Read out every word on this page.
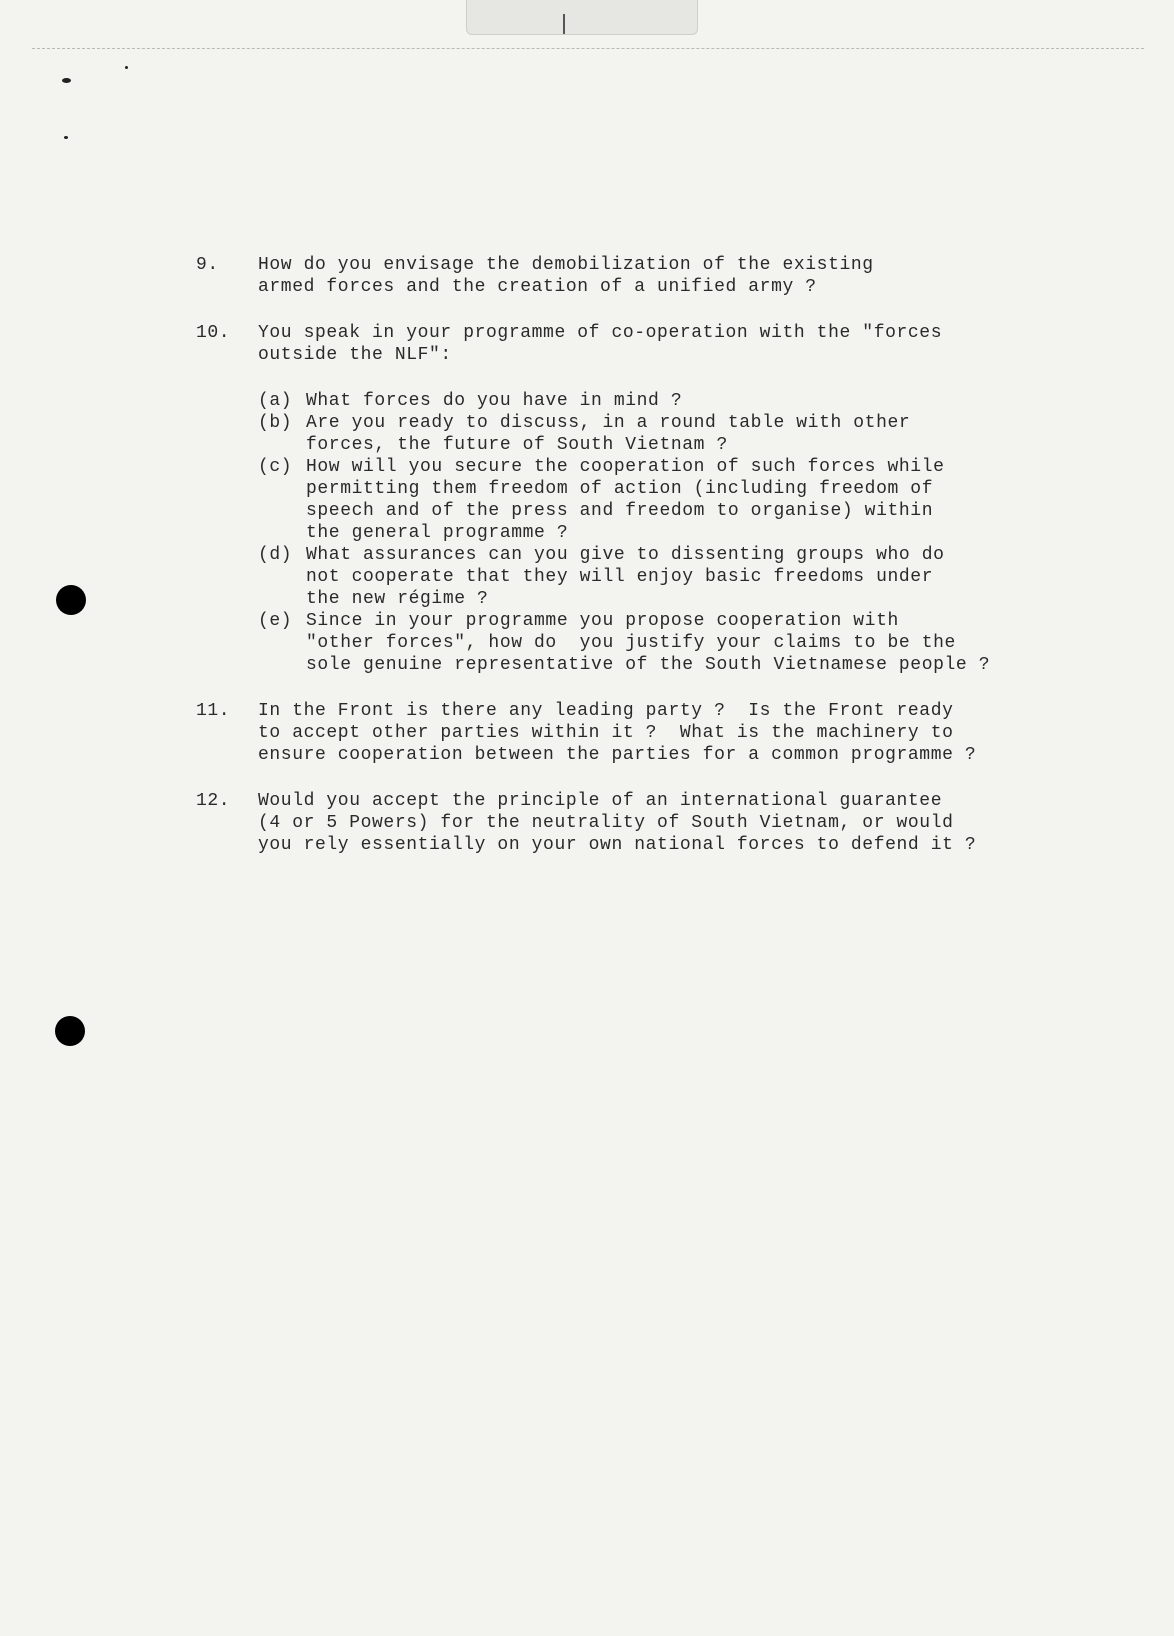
9.	How do you envisage the demobilization of the existing
armed forces and the creation of a unified army ?
10.	You speak in your programme of co-operation with the "forces
outside the NLF":
(a) What forces do you have in mind ?
(b) Are you ready to discuss, in a round table with other
forces, the future of South Vietnam ?
(c) How will you secure the cooperation of such forces while
permitting them freedom of action (including freedom of
speech and of the press and freedom to organise) within
the general programme ?
(d) What assurances can you give to dissenting groups who do
not cooperate that they will enjoy basic freedoms under
the new régime ?
(e) Since in your programme you propose cooperation with
"other forces", how do  you justify your claims to be the
sole genuine representative of the South Vietnamese people ?
11.	In the Front is there any leading party ?  Is the Front ready
to accept other parties within it ?  What is the machinery to
ensure cooperation between the parties for a common programme ?
12.	Would you accept the principle of an international guarantee
(4 or 5 Powers) for the neutrality of South Vietnam, or would
you rely essentially on your own national forces to defend it ?
